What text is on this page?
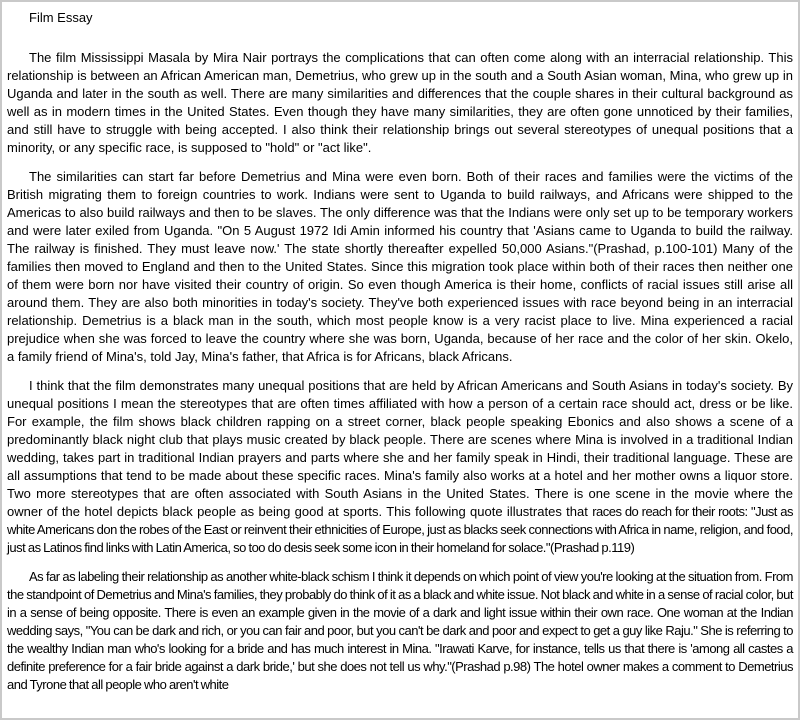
Film Essay

The film Mississippi Masala by Mira Nair portrays the complications that can often come along with an interracial relationship. This relationship is between an African American man, Demetrius, who grew up in the south and a South Asian woman, Mina, who grew up in Uganda and later in the south as well. There are many similarities and differences that the couple shares in their cultural background as well as in modern times in the United States. Even though they have many similarities, they are often gone unnoticed by their families, and still have to struggle with being accepted. I also think their relationship brings out several stereotypes of unequal positions that a minority, or any specific race, is supposed to "hold" or "act like".

The similarities can start far before Demetrius and Mina were even born. Both of their races and families were the victims of the British migrating them to foreign countries to work. Indians were sent to Uganda to build railways, and Africans were shipped to the Americas to also build railways and then to be slaves. The only difference was that the Indians were only set up to be temporary workers and were later exiled from Uganda. "On 5 August 1972 Idi Amin informed his country that 'Asians came to Uganda to build the railway. The railway is finished. They must leave now.' The state shortly thereafter expelled 50,000 Asians."(Prashad, p.100-101) Many of the families then moved to England and then to the United States. Since this migration took place within both of their races then neither one of them were born nor have visited their country of origin. So even though America is their home, conflicts of racial issues still arise all around them. They are also both minorities in today's society. They've both experienced issues with race beyond being in an interracial relationship. Demetrius is a black man in the south, which most people know is a very racist place to live. Mina experienced a racial prejudice when she was forced to leave the country where she was born, Uganda, because of her race and the color of her skin. Okelo, a family friend of Mina's, told Jay, Mina's father, that Africa is for Africans, black Africans.

I think that the film demonstrates many unequal positions that are held by African Americans and South Asians in today's society. By unequal positions I mean the stereotypes that are often times affiliated with how a person of a certain race should act, dress or be like. For example, the film shows black children rapping on a street corner, black people speaking Ebonics and also shows a scene of a predominantly black night club that plays music created by black people. There are scenes where Mina is involved in a traditional Indian wedding, takes part in traditional Indian prayers and parts where she and her family speak in Hindi, their traditional language. These are all assumptions that tend to be made about these specific races. Mina's family also works at a hotel and her mother owns a liquor store. Two more stereotypes that are often associated with South Asians in the United States. There is one scene in the movie where the owner of the hotel depicts black people as being good at sports. This following quote illustrates that races do reach for their roots: "Just as white Americans don the robes of the East or reinvent their ethnicities of Europe, just as blacks seek connections with Africa in name, religion, and food, just as Latinos find links with Latin America, so too do desis seek some icon in their homeland for solace."(Prashad p.119)

As far as labeling their relationship as another white-black schism I think it depends on which point of view you're looking at the situation from. From the standpoint of Demetrius and Mina's families, they probably do think of it as a black and white issue. Not black and white in a sense of racial color, but in a sense of being opposite. There is even an example given in the movie of a dark and light issue within their own race. One woman at the Indian wedding says, "You can be dark and rich, or you can fair and poor, but you can't be dark and poor and expect to get a guy like Raju." She is referring to the wealthy Indian man who's looking for a bride and has much interest in Mina. "Irawati Karve, for instance, tells us that there is 'among all castes a definite preference for a fair bride against a dark bride,' but she does not tell us why."(Prashad p.98) The hotel owner makes a comment to Demetrius and Tyrone that all people who aren't white
